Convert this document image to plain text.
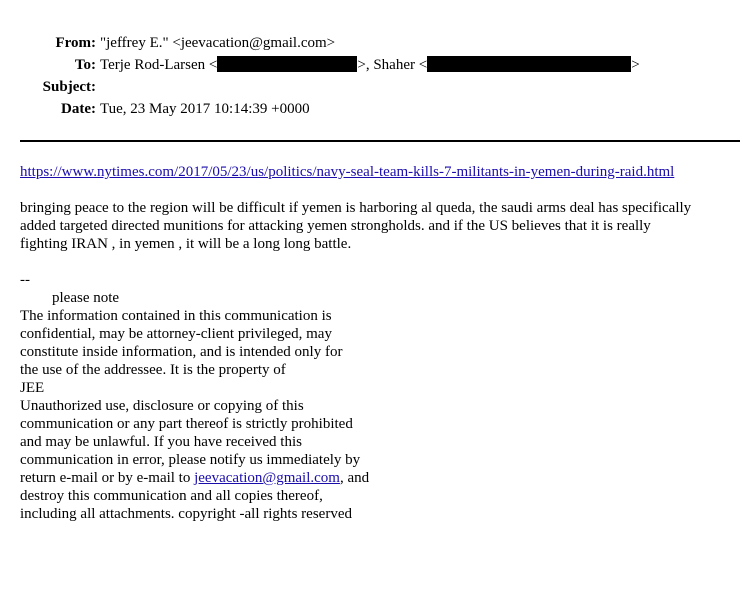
From: "jeffrey E." <jeevacation@gmail.com>
To: Terje Rod-Larsen <	>, Shaher <	>
Subject:
Date: Tue, 23 May 2017 10:14:39 +0000
https://www.nytimes.com/2017/05/23/us/politics/navy-seal-team-kills-7-militants-in-yemen-during-raid.html
bringing peace to the region will be difficult if yemen is harboring al queda, the saudi arms deal has specifically
added targeted directed munitions for attacking yemen strongholds. and if the US believes that it is really
fighting IRAN , in yemen , it will be a long long battle.
--
please note
The information contained in this communication is
confidential, may be attorney-client privileged, may
constitute inside information, and is intended only for
the use of the addressee. It is the property of
JEE
Unauthorized use, disclosure or copying of this
communication or any part thereof is strictly prohibited
and may be unlawful. If you have received this
communication in error, please notify us immediately by
return e-mail or by e-mail to jeevacation@gmail.com, and
destroy this communication and all copies thereof,
including all attachments. copyright -all rights reserved
